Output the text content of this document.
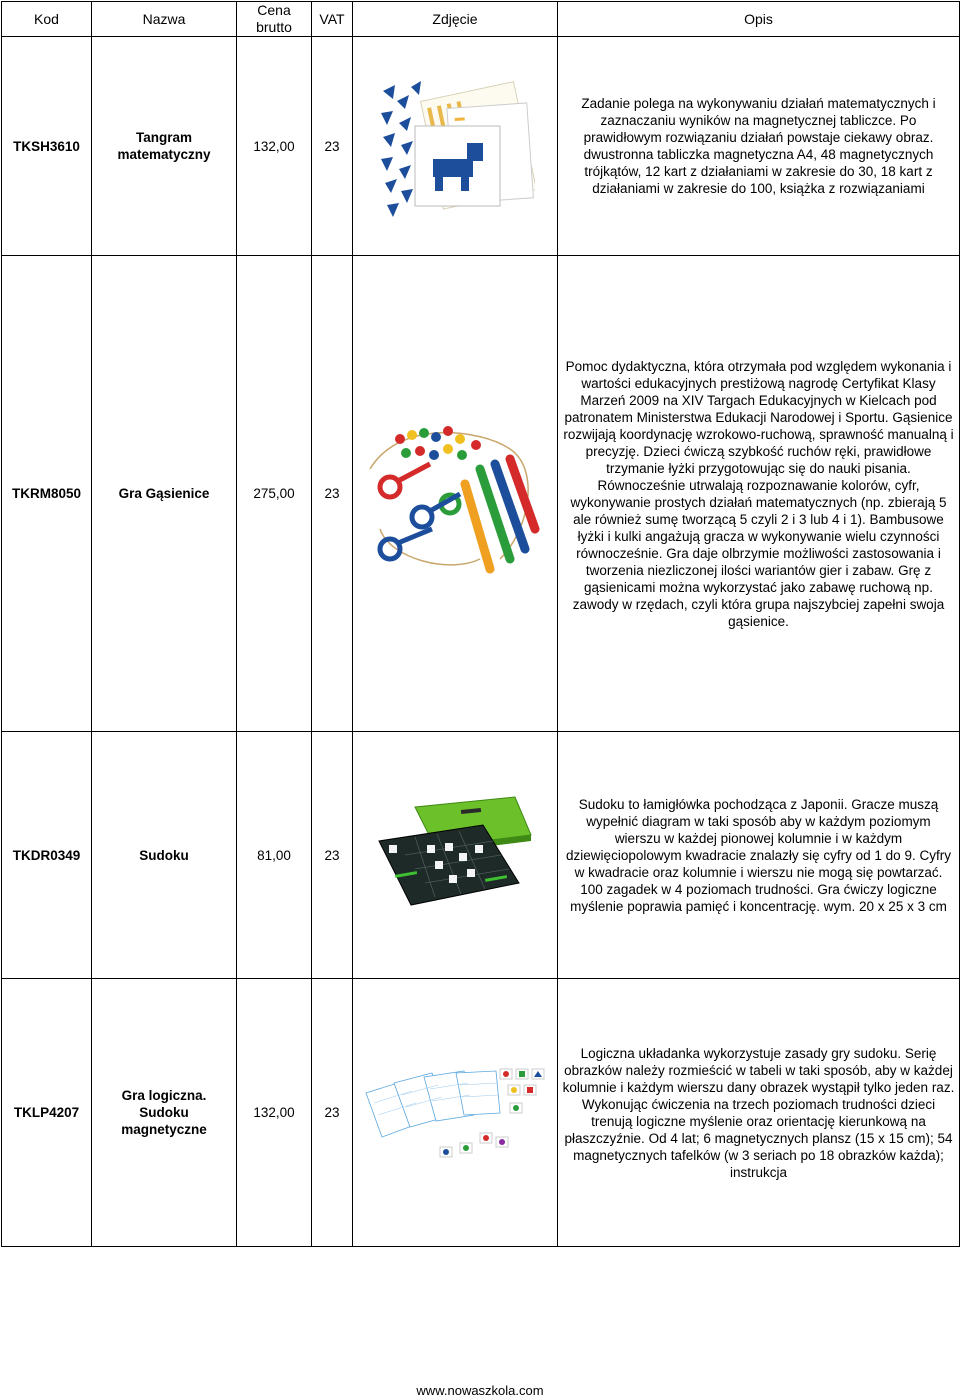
Kod	Nazwa	Cena brutto	VAT	Zdjęcie	Opis
TKSH3610	Tangram matematyczny	132,00	23		Zadanie polega na wykonywaniu działań matematycznych i zaznaczaniu wyników na magnetycznej tabliczce. Po prawidłowym rozwiązaniu działań powstaje ciekawy obraz. dwustronna tabliczka magnetyczna A4, 48 magnetycznych trójkątów, 12 kart z działaniami w zakresie do 30, 18 kart z działaniami w zakresie do 100, książka z rozwiązaniami
TKRM8050	Gra Gąsienice	275,00	23		Pomoc dydaktyczna, która otrzymała pod względem wykonania i wartości edukacyjnych prestiżową nagrodę Certyfikat Klasy Marzeń 2009 na XIV Targach Edukacyjnych w Kielcach pod patronatem Ministerstwa Edukacji Narodowej i Sportu. Gąsienice rozwijają koordynację wzrokowo-ruchową, sprawność manualną i precyzję. Dzieci ćwiczą szybkość ruchów ręki, prawidłowe trzymanie łyżki przygotowując się do nauki pisania. Równocześnie utrwalają rozpoznawanie kolorów, cyfr, wykonywanie prostych działań matematycznych (np. zbierają 5 ale również sumę tworzącą 5 czyli 2 i 3 lub 4 i 1). Bambusowe łyżki i kulki angażują gracza w wykonywanie wielu czynności równocześnie. Gra daje olbrzymie możliwości zastosowania i tworzenia niezliczonej ilości wariantów gier i zabaw. Grę z gąsienicami można wykorzystać jako zabawę ruchową np. zawody w rzędach, czyli która grupa najszybciej zapełni swoja gąsienice.
TKDR0349	Sudoku	81,00	23		Sudoku to łamigłówka pochodząca z Japonii. Gracze muszą wypełnić diagram w taki sposób aby w każdym poziomym wierszu w każdej pionowej kolumnie i w każdym dziewięciopolowym kwadracie znalazły się cyfry od 1 do 9. Cyfry w kwadracie oraz kolumnie i wierszu nie mogą się powtarzać. 100 zagadek w 4 poziomach trudności. Gra ćwiczy logiczne myślenie poprawia pamięć i koncentrację. wym. 20 x 25 x 3 cm
TKLP4207	Gra logiczna. Sudoku magnetyczne	132,00	23		Logiczna układanka wykorzystuje zasady gry sudoku. Serię obrazków należy rozmieścić w tabeli w taki sposób, aby w każdej kolumnie i każdym wierszu dany obrazek wystąpił tylko jeden raz. Wykonując ćwiczenia na trzech poziomach trudności dzieci trenują logiczne myślenie oraz orientację kierunkową na płaszczyźnie. Od 4 lat; 6 magnetycznych plansz (15 x 15 cm); 54 magnetycznych tafelków (w 3 seriach po 18 obrazków każda); instrukcja
www.nowaszkola.com
